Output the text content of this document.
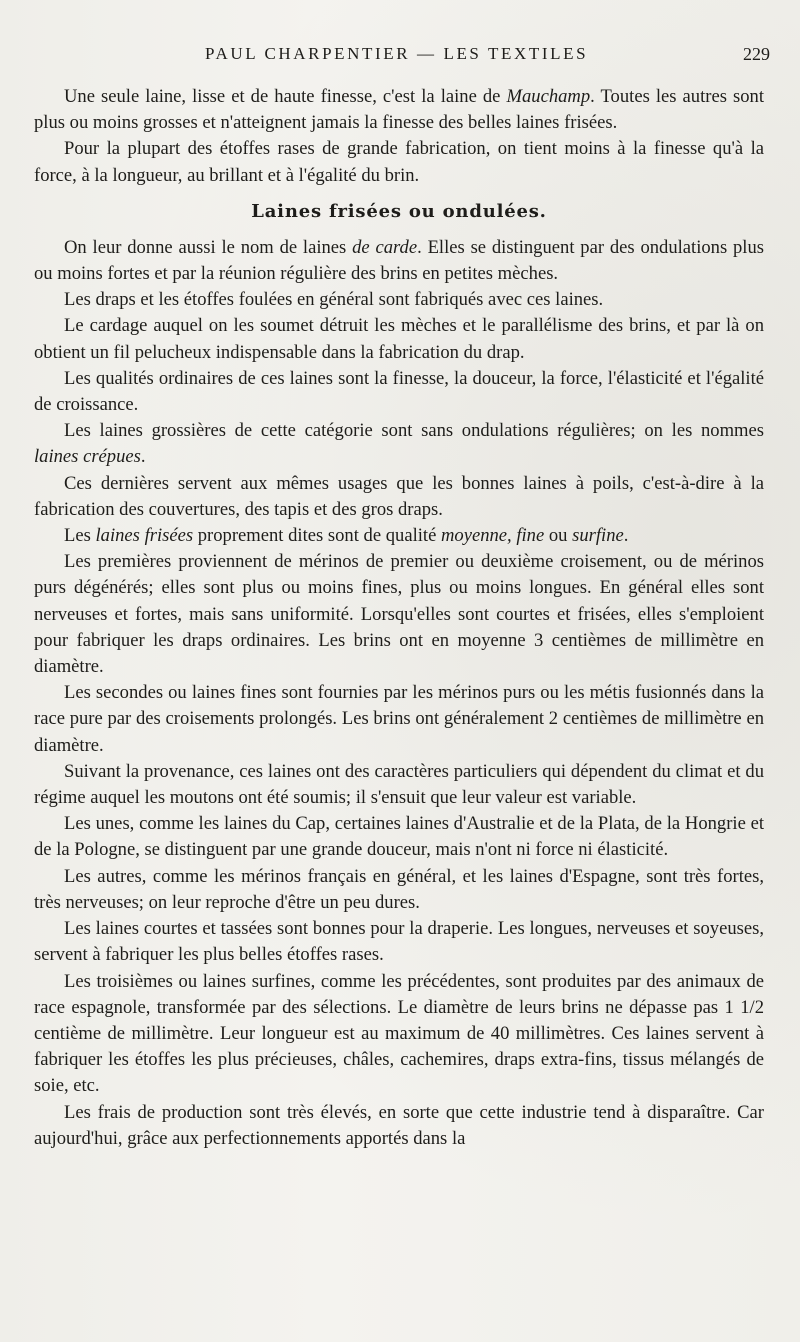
PAUL CHARPENTIER — LES TEXTILES	229

Une seule laine, lisse et de haute finesse, c'est la laine de Mauchamp. Toutes les autres sont plus ou moins grosses et n'atteignent jamais la finesse des belles laines frisées.

Pour la plupart des étoffes rases de grande fabrication, on tient moins à la finesse qu'à la force, à la longueur, au brillant et à l'égalité du brin.

Laines frisées ou ondulées.

On leur donne aussi le nom de laines de carde. Elles se distinguent par des ondulations plus ou moins fortes et par la réunion régulière des brins en petites mèches.

Les draps et les étoffes foulées en général sont fabriqués avec ces laines.

Le cardage auquel on les soumet détruit les mèches et le parallélisme des brins, et par là on obtient un fil pelucheux indispensable dans la fabrication du drap.

Les qualités ordinaires de ces laines sont la finesse, la douceur, la force, l'élasticité et l'égalité de croissance.

Les laines grossières de cette catégorie sont sans ondulations régulières; on les nommes laines crépues.

Ces dernières servent aux mêmes usages que les bonnes laines à poils, c'est-à-dire à la fabrication des couvertures, des tapis et des gros draps.

Les laines frisées proprement dites sont de qualité moyenne, fine ou surfine.

Les premières proviennent de mérinos de premier ou deuxième croisement, ou de mérinos purs dégénérés; elles sont plus ou moins fines, plus ou moins longues. En général elles sont nerveuses et fortes, mais sans uniformité. Lorsqu'elles sont courtes et frisées, elles s'emploient pour fabriquer les draps ordinaires. Les brins ont en moyenne 3 centièmes de millimètre en diamètre.

Les secondes ou laines fines sont fournies par les mérinos purs ou les métis fusionnés dans la race pure par des croisements prolongés. Les brins ont généralement 2 centièmes de millimètre en diamètre.

Suivant la provenance, ces laines ont des caractères particuliers qui dépendent du climat et du régime auquel les moutons ont été soumis; il s'ensuit que leur valeur est variable.

Les unes, comme les laines du Cap, certaines laines d'Australie et de la Plata, de la Hongrie et de la Pologne, se distinguent par une grande douceur, mais n'ont ni force ni élasticité.

Les autres, comme les mérinos français en général, et les laines d'Espagne, sont très fortes, très nerveuses; on leur reproche d'être un peu dures.

Les laines courtes et tassées sont bonnes pour la draperie. Les longues, nerveuses et soyeuses, servent à fabriquer les plus belles étoffes rases.

Les troisièmes ou laines surfines, comme les précédentes, sont produites par des animaux de race espagnole, transformée par des sélections. Le diamètre de leurs brins ne dépasse pas 1 1/2 centième de millimètre. Leur longueur est au maximum de 40 millimètres. Ces laines servent à fabriquer les étoffes les plus précieuses, châles, cachemires, draps extra-fins, tissus mélangés de soie, etc.

Les frais de production sont très élevés, en sorte que cette industrie tend à disparaître. Car aujourd'hui, grâce aux perfectionnements apportés dans la
